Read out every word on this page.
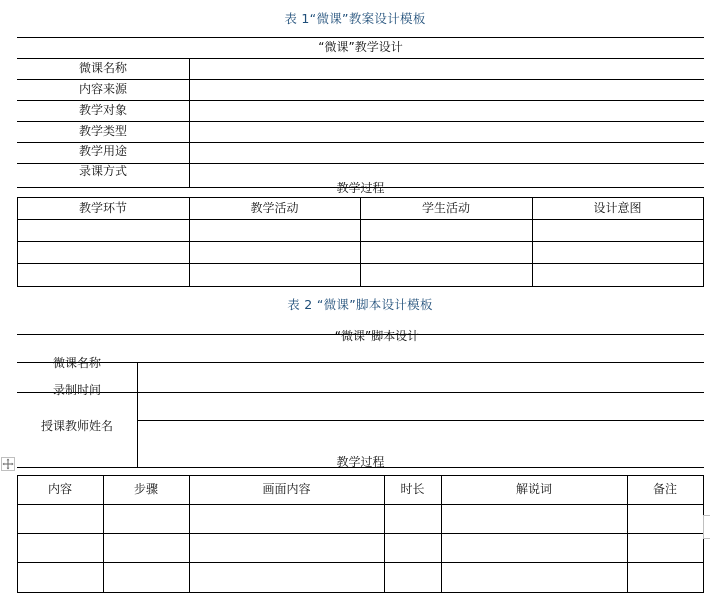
表 1“微课”教案设计模板
“微课”教学设计
微课名称
内容来源
教学对象
教学类型
教学用途
录课方式
教学过程
教学环节	教学活动	学生活动	设计意图
表 2 “微课”脚本设计模板
“微课”脚本设计
微课名称
录制时间
授课教师姓名
教学过程
内容	步骤	画面内容	时长	解说词	备注
